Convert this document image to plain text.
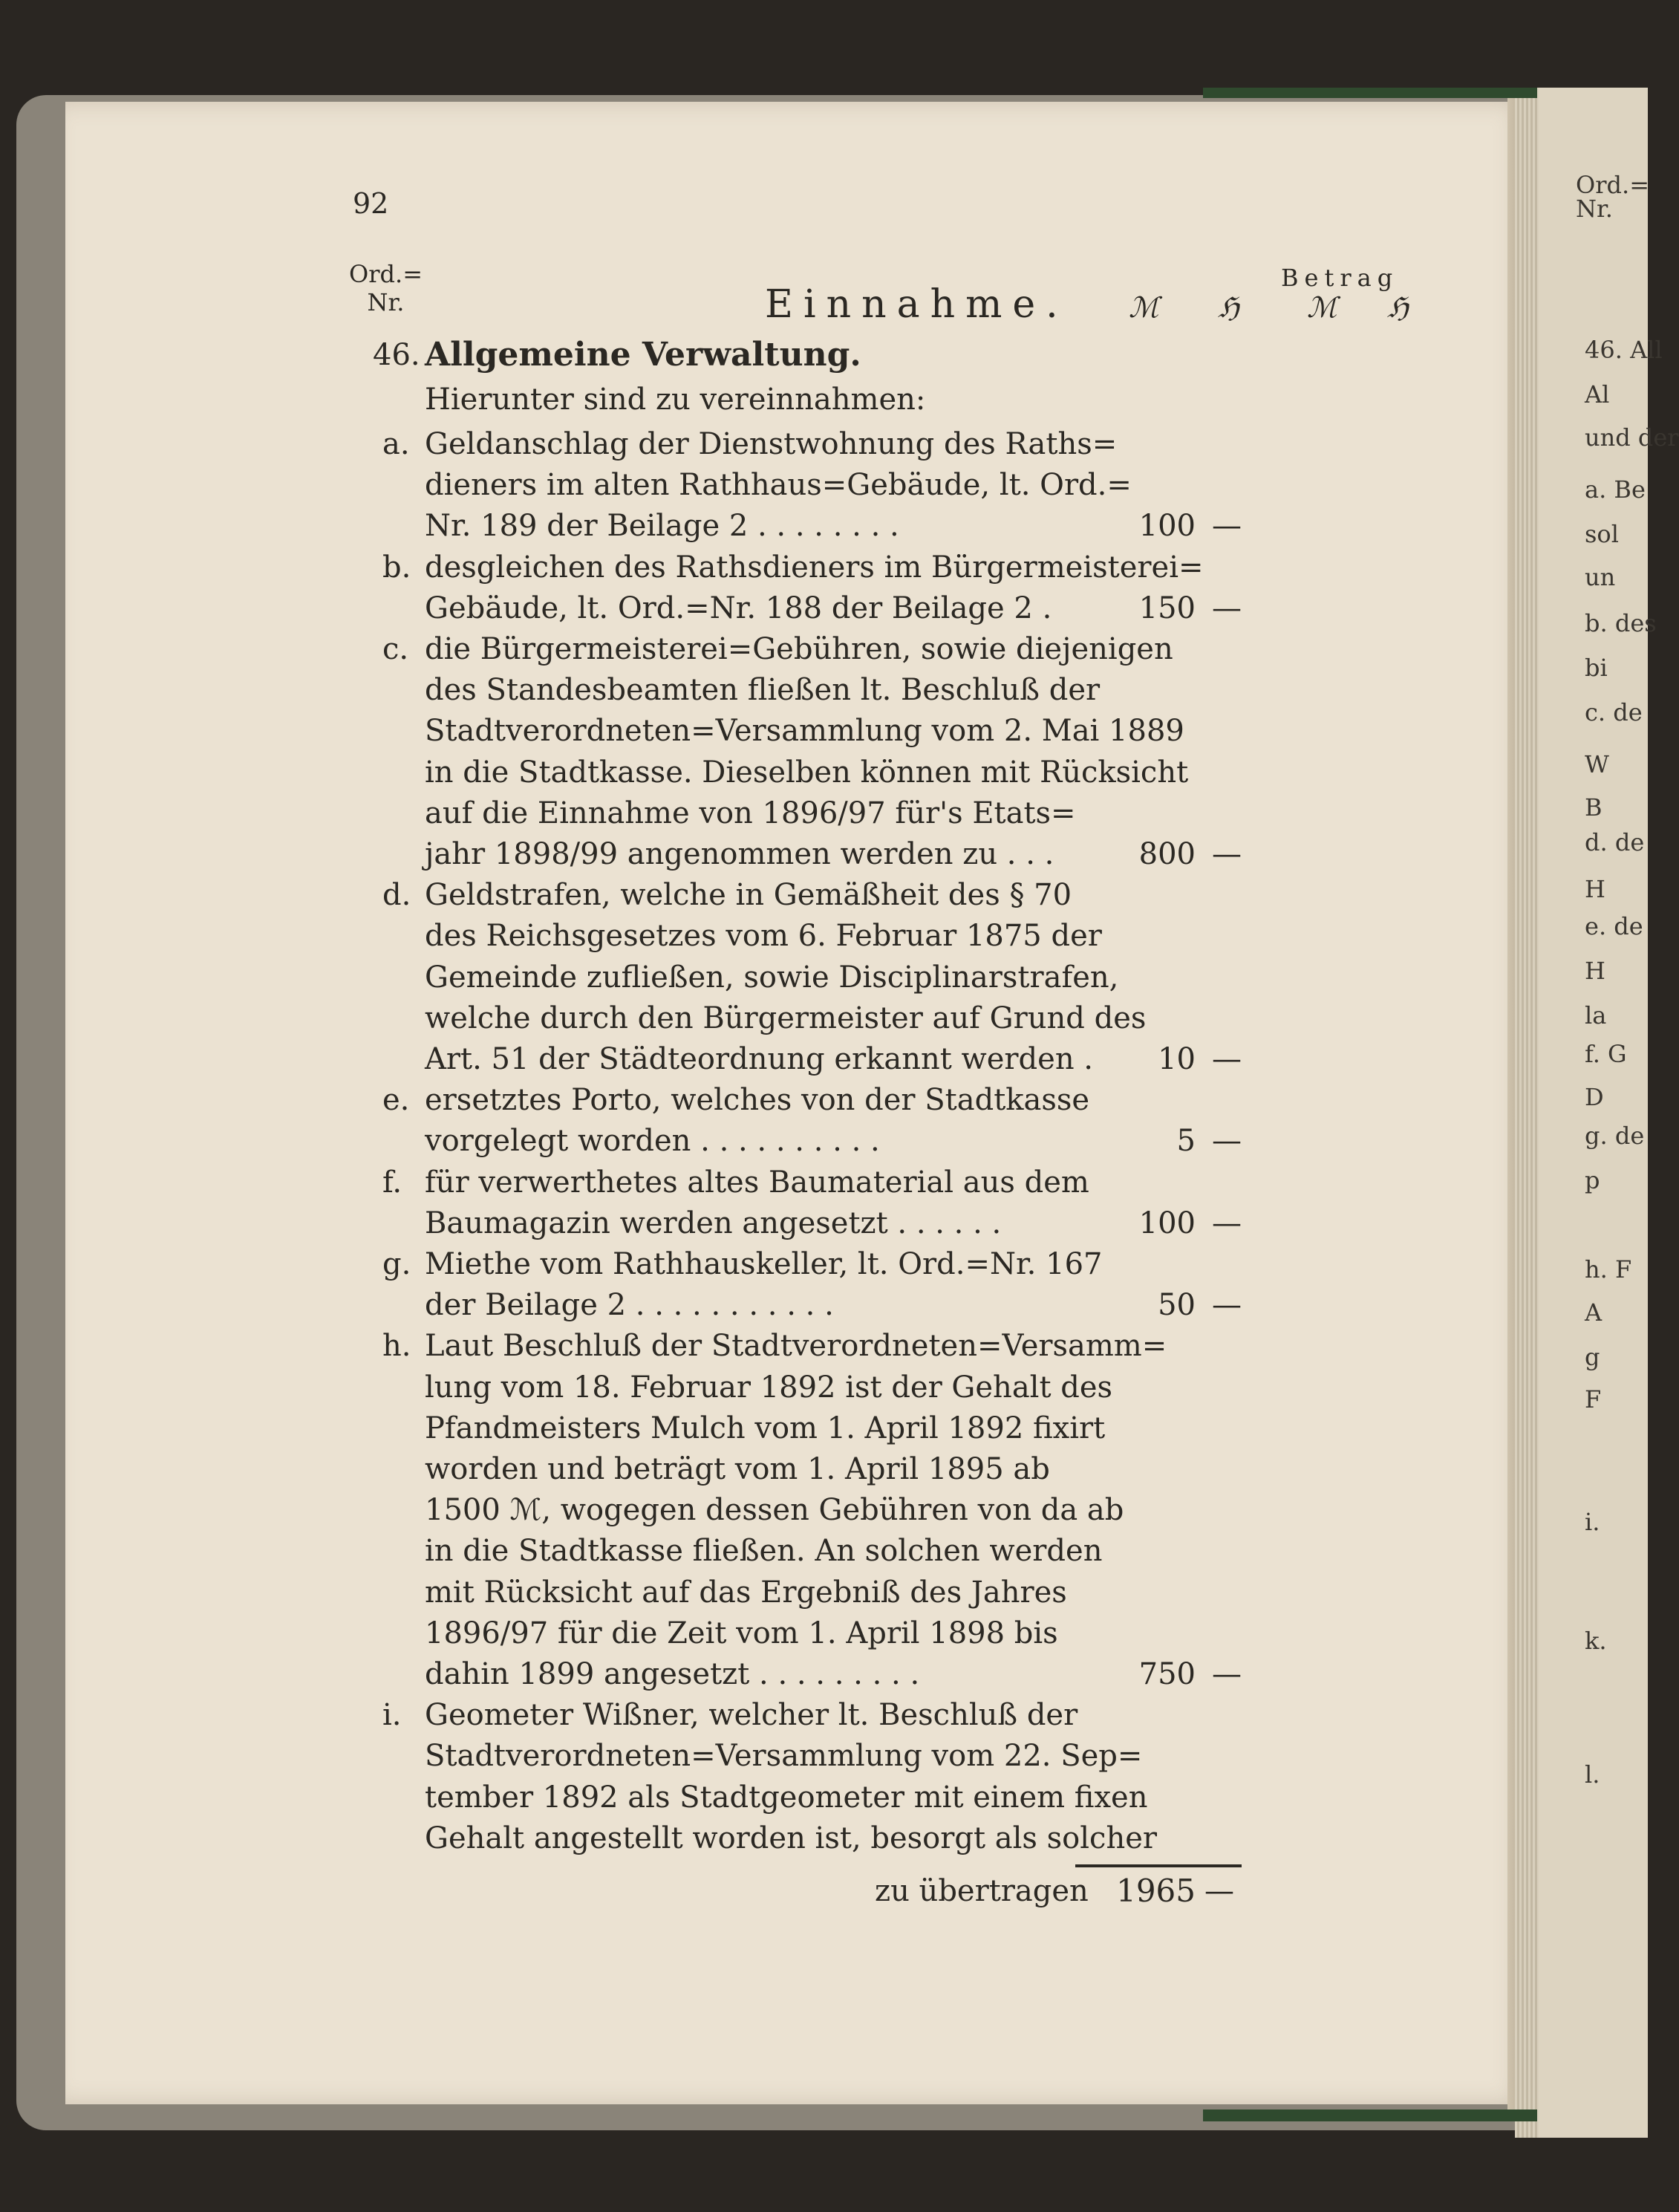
Ord.=
Nr.
46. All
Al
und der
a. Be
sol
un
b. des
bi
c. de
W
B
d. de
H
e. de
H
la
f. G
D
g. de
p
h. F
A
g
F
i.
k.
l.
92
Ord.=
Nr.	Einnahme.
Betrag
ℳ ℌ ℳ ℌ
46. Allgemeine Verwaltung.
Hierunter sind zu vereinnahmen:
a. Geldanschlag der Dienstwohnung des Raths=
dieners im alten Rathhaus=Gebäude, lt. Ord.=
Nr. 189 der Beilage 2 . . . . . . . .	100 —
b. desgleichen des Rathsdieners im Bürgermeisterei=
Gebäude, lt. Ord.=Nr. 188 der Beilage 2 .	150 —
c. die Bürgermeisterei=Gebühren, sowie diejenigen
des Standesbeamten fließen lt. Beschluß der
Stadtverordneten=Versammlung vom 2. Mai 1889
in die Stadtkasse. Dieselben können mit Rücksicht
auf die Einnahme von 1896/97 für's Etats=
jahr 1898/99 angenommen werden zu . . .	800 —
d. Geldstrafen, welche in Gemäßheit des § 70
des Reichsgesetzes vom 6. Februar 1875 der
Gemeinde zufließen, sowie Disciplinarstrafen,
welche durch den Bürgermeister auf Grund des
Art. 51 der Städteordnung erkannt werden .	10 —
e. ersetztes Porto, welches von der Stadtkasse
vorgelegt worden . . . . . . . . . .	5 —
f. für verwerthetes altes Baumaterial aus dem
Baumagazin werden angesetzt . . . . . .	100 —
g. Miethe vom Rathhauskeller, lt. Ord.=Nr. 167
der Beilage 2 . . . . . . . . . . .	50 —
h. Laut Beschluß der Stadtverordneten=Versamm=
lung vom 18. Februar 1892 ist der Gehalt des
Pfandmeisters Mulch vom 1. April 1892 fixirt
worden und beträgt vom 1. April 1895 ab
1500 ℳ, wogegen dessen Gebühren von da ab
in die Stadtkasse fließen. An solchen werden
mit Rücksicht auf das Ergebniß des Jahres
1896/97 für die Zeit vom 1. April 1898 bis
dahin 1899 angesetzt . . . . . . . . .	750 —
i. Geometer Wißner, welcher lt. Beschluß der
Stadtverordneten=Versammlung vom 22. Sep=
tember 1892 als Stadtgeometer mit einem fixen
Gehalt angestellt worden ist, besorgt als solcher
zu übertragen 1965 —
